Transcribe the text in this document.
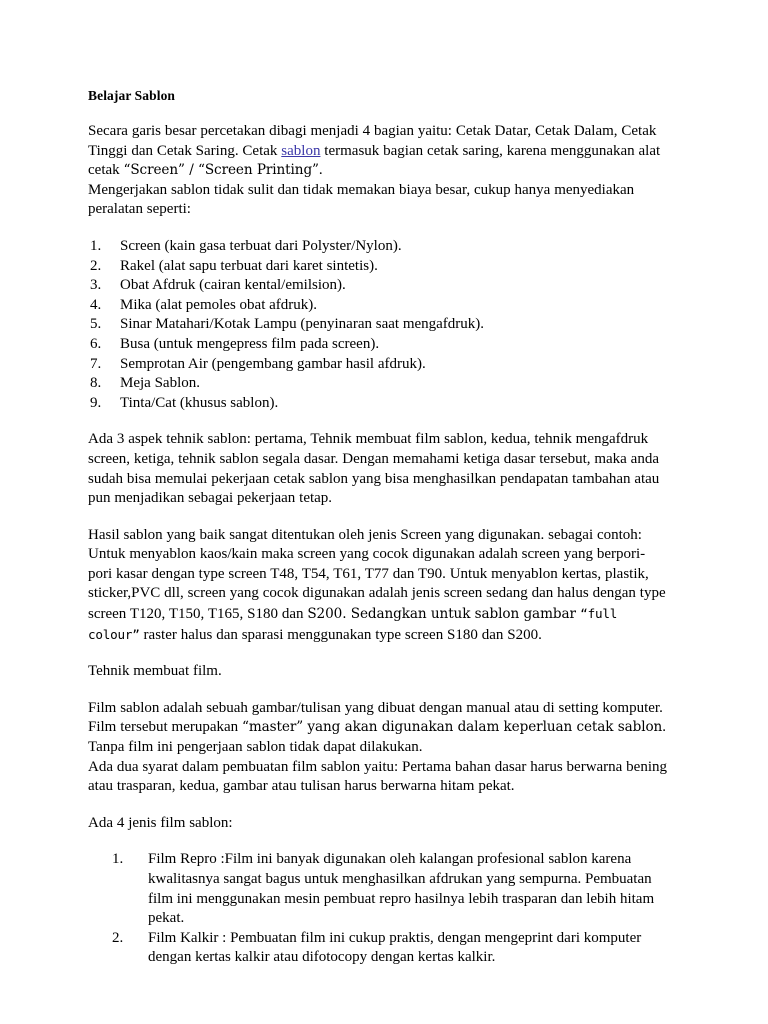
Belajar Sablon

Secara garis besar percetakan dibagi menjadi 4 bagian yaitu: Cetak Datar, Cetak Dalam, Cetak Tinggi dan Cetak Saring. Cetak sablon termasuk bagian cetak saring, karena menggunakan alat cetak “Screen” / “Screen Printing”.

Mengerjakan sablon tidak sulit dan tidak memakan biaya besar, cukup hanya menyediakan peralatan seperti:

1.	Screen (kain gasa terbuat dari Polyster/Nylon).
2.	Rakel (alat sapu terbuat dari karet sintetis).
3.	Obat Afdruk (cairan kental/emilsion).
4.	Mika (alat pemoles obat afdruk).
5.	Sinar Matahari/Kotak Lampu (penyinaran saat mengafdruk).
6.	Busa (untuk mengepress film pada screen).
7.	Semprotan Air (pengembang gambar hasil afdruk).
8.	Meja Sablon.
9.	Tinta/Cat (khusus sablon).

Ada 3 aspek tehnik sablon: pertama, Tehnik membuat film sablon, kedua, tehnik mengafdruk screen, ketiga, tehnik sablon segala dasar. Dengan memahami ketiga dasar tersebut, maka anda sudah bisa memulai pekerjaan cetak sablon yang bisa menghasilkan pendapatan tambahan atau pun menjadikan sebagai pekerjaan tetap.

Hasil sablon yang baik sangat ditentukan oleh jenis Screen yang digunakan. sebagai contoh: Untuk menyablon kaos/kain maka screen yang cocok digunakan adalah screen yang berpori-pori kasar dengan type screen T48, T54, T61, T77 dan T90. Untuk menyablon kertas, plastik, sticker,PVC dll, screen yang cocok digunakan adalah jenis screen sedang dan halus dengan type screen T120, T150, T165, S180 dan S200. Sedangkan untuk sablon gambar “full colour” raster halus dan sparasi menggunakan type screen S180 dan S200.

Tehnik membuat film.

Film sablon adalah sebuah gambar/tulisan yang dibuat dengan manual atau di setting komputer. Film tersebut merupakan “master” yang akan digunakan dalam keperluan cetak sablon. Tanpa film ini pengerjaan sablon tidak dapat dilakukan.

Ada dua syarat dalam pembuatan film sablon yaitu: Pertama bahan dasar harus berwarna bening atau trasparan, kedua, gambar atau tulisan harus berwarna hitam pekat.

Ada 4 jenis film sablon:

1.	Film Repro :Film ini banyak digunakan oleh kalangan profesional sablon karena kwalitasnya sangat bagus untuk menghasilkan afdrukan yang sempurna. Pembuatan film ini menggunakan mesin pembuat repro hasilnya lebih trasparan dan lebih hitam pekat.
2.	Film Kalkir : Pembuatan film ini cukup praktis, dengan mengeprint dari komputer dengan kertas kalkir atau difotocopy dengan kertas kalkir.
